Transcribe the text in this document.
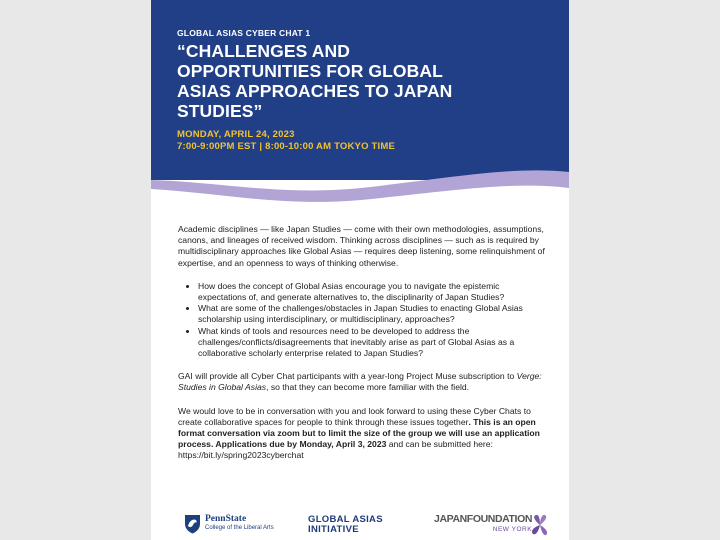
GLOBAL ASIAS CYBER CHAT 1
“CHALLENGES AND
OPPORTUNITIES FOR GLOBAL
ASIAS APPROACHES TO JAPAN
STUDIES”
MONDAY, APRIL 24, 2023
7:00-9:00PM EST | 8:00-10:00 AM TOKYO TIME

Academic disciplines — like Japan Studies — come with their own methodologies, assumptions, canons, and lineages of received wisdom. Thinking across disciplines — such as is required by multidisciplinary approaches like Global Asias — requires deep listening, some relinquishment of expertise, and an openness to ways of thinking otherwise.

• How does the concept of Global Asias encourage you to navigate the epistemic expectations of, and generate alternatives to, the disciplinarity of Japan Studies?
• What are some of the challenges/obstacles in Japan Studies to enacting Global Asias scholarship using interdisciplinary, or multidisciplinary, approaches?
• What kinds of tools and resources need to be developed to address the challenges/conflicts/disagreements that inevitably arise as part of Global Asias as a collaborative scholarly enterprise related to Japan Studies?

GAI will provide all Cyber Chat participants with a year-long Project Muse subscription to Verge: Studies in Global Asias, so that they can become more familiar with the field.

We would love to be in conversation with you and look forward to using these Cyber Chats to create collaborative spaces for people to think through these issues together. This is an open format conversation via zoom but to limit the size of the group we will use an application process. Applications due by Monday, April 3, 2023 and can be submitted here: https://bit.ly/spring2023cyberchat

PennState
College of the Liberal Arts
GLOBAL ASIAS
INITIATIVE
JAPANFOUNDATION
NEW YORK
